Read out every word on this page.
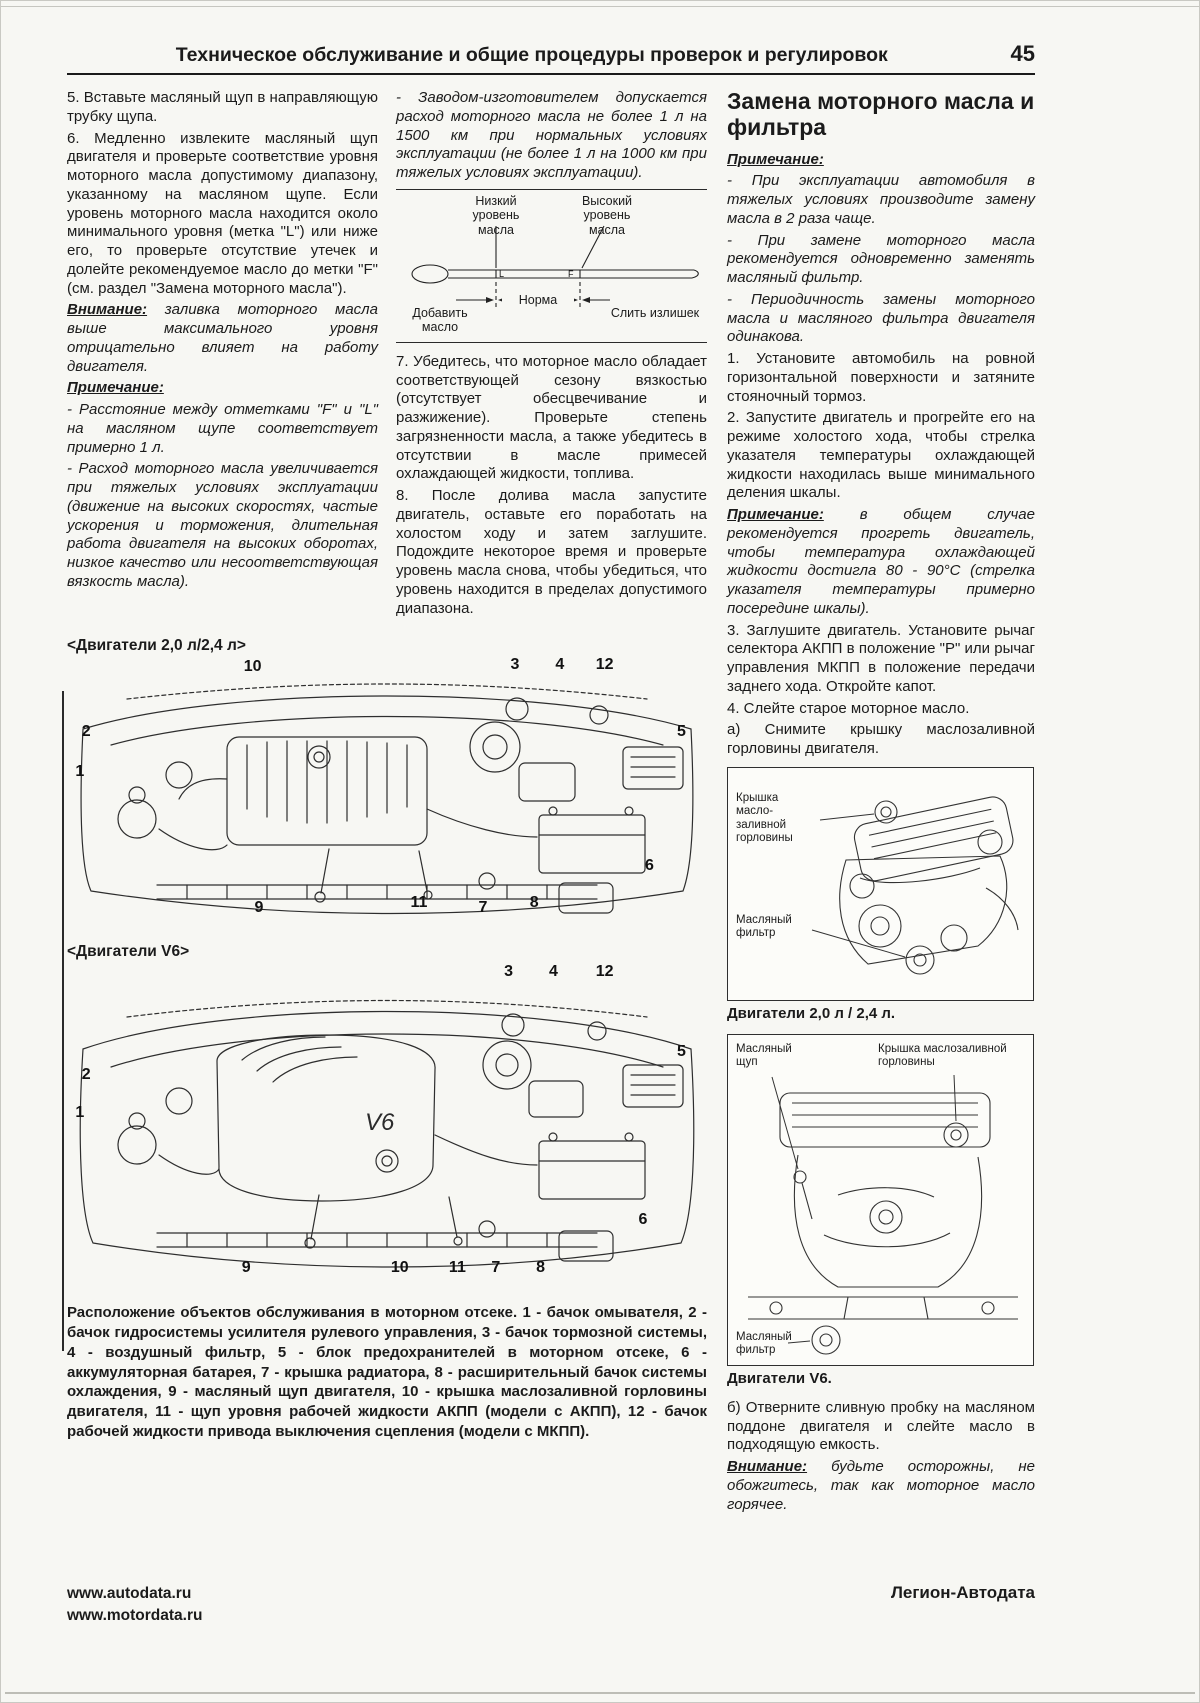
Техническое обслуживание и общие процедуры проверок и регулировок	45

5. Вставьте масляный щуп в направляющую трубку щупа.

6. Медленно извлеките масляный щуп двигателя и проверьте соответствие уровня моторного масла допустимому диапазону, указанному на масляном щупе. Если уровень моторного масла находится около минимального уровня (метка "L") или ниже его, то проверьте отсутствие утечек и долейте рекомендуемое масло до метки "F" (см. раздел "Замена моторного масла").

Внимание: заливка моторного масла выше максимального уровня отрицательно влияет на работу двигателя.

Примечание:

- Расстояние между отметками "F" и "L" на масляном щупе соответствует примерно 1 л.

- Расход моторного масла увеличивается при тяжелых условиях эксплуатации (движение на высоких скоростях, частые ускорения и торможения, длительная работа двигателя на высоких оборотах, низкое качество или несоответствующая вязкость масла).

- Заводом-изготовителем допускается расход моторного масла не более 1 л на 1500 км при нормальных условиях эксплуатации (не более 1 л на 1000 км при тяжелых условиях эксплуатации).

Низкий уровень масла
Высокий уровень масла
L	F
Добавить масло
Норма
Слить излишек

7. Убедитесь, что моторное масло обладает соответствующей сезону вязкостью (отсутствует обесцвечивание и разжижение). Проверьте степень загрязненности масла, а также убедитесь в отсутствии в масле примесей охлаждающей жидкости, топлива.

8. После долива масла запустите двигатель, оставьте его поработать на холостом ходу и затем заглушите. Подождите некоторое время и проверьте уровень масла снова, чтобы убедиться, что уровень находится в пределах допустимого диапазона.

<Двигатели 2,0 л/2,4 л>
1
2
10	3 4 12
5
6
9	11	7	8
<Двигатели V6>
V6
1
2
3 4 12
5
6
9	10	11 7 8

Расположение объектов обслуживания в моторном отсеке. 1 - бачок омывателя, 2 - бачок гидросистемы усилителя рулевого управления, 3 - бачок тормозной системы, 4 - воздушный фильтр, 5 - блок предохранителей в моторном отсеке, 6 - аккумуляторная батарея, 7 - крышка радиатора, 8 - расширительный бачок системы охлаждения, 9 - масляный щуп двигателя, 10 - крышка маслозаливной горловины двигателя, 11 - щуп уровня рабочей жидкости АКПП (модели с АКПП), 12 - бачок рабочей жидкости привода выключения сцепления (модели с МКПП).

Замена моторного масла и фильтра

Примечание:

- При эксплуатации автомобиля в тяжелых условиях производите замену масла в 2 раза чаще.

- При замене моторного масла рекомендуется одновременно заменять масляный фильтр.

- Периодичность замены моторного масла и масляного фильтра двигателя одинакова.

1. Установите автомобиль на ровной горизонтальной поверхности и затяните стояночный тормоз.

2. Запустите двигатель и прогрейте его на режиме холостого хода, чтобы стрелка указателя температуры охлаждающей жидкости находилась выше минимального деления шкалы.

Примечание: в общем случае рекомендуется прогреть двигатель, чтобы температура охлаждающей жидкости достигла 80 - 90°C (стрелка указателя температуры примерно посередине шкалы).

3. Заглушите двигатель. Установите рычаг селектора АКПП в положение "P" или рычаг управления МКПП в положение передачи заднего хода. Откройте капот.

4. Слейте старое моторное масло.

а) Снимите крышку маслозаливной горловины двигателя.

Крышка масло-заливной горловины
Масляный фильтр
Двигатели 2,0 л / 2,4 л.
Масляный щуп
Крышка маслозаливной горловины
Масляный фильтр
Двигатели V6.

б) Отверните сливную пробку на масляном поддоне двигателя и слейте масло в подходящую емкость.

Внимание: будьте осторожны, не обожгитесь, так как моторное масло горячее.

www.autodata.ru
www.motordata.ru
Легион-Автодата
